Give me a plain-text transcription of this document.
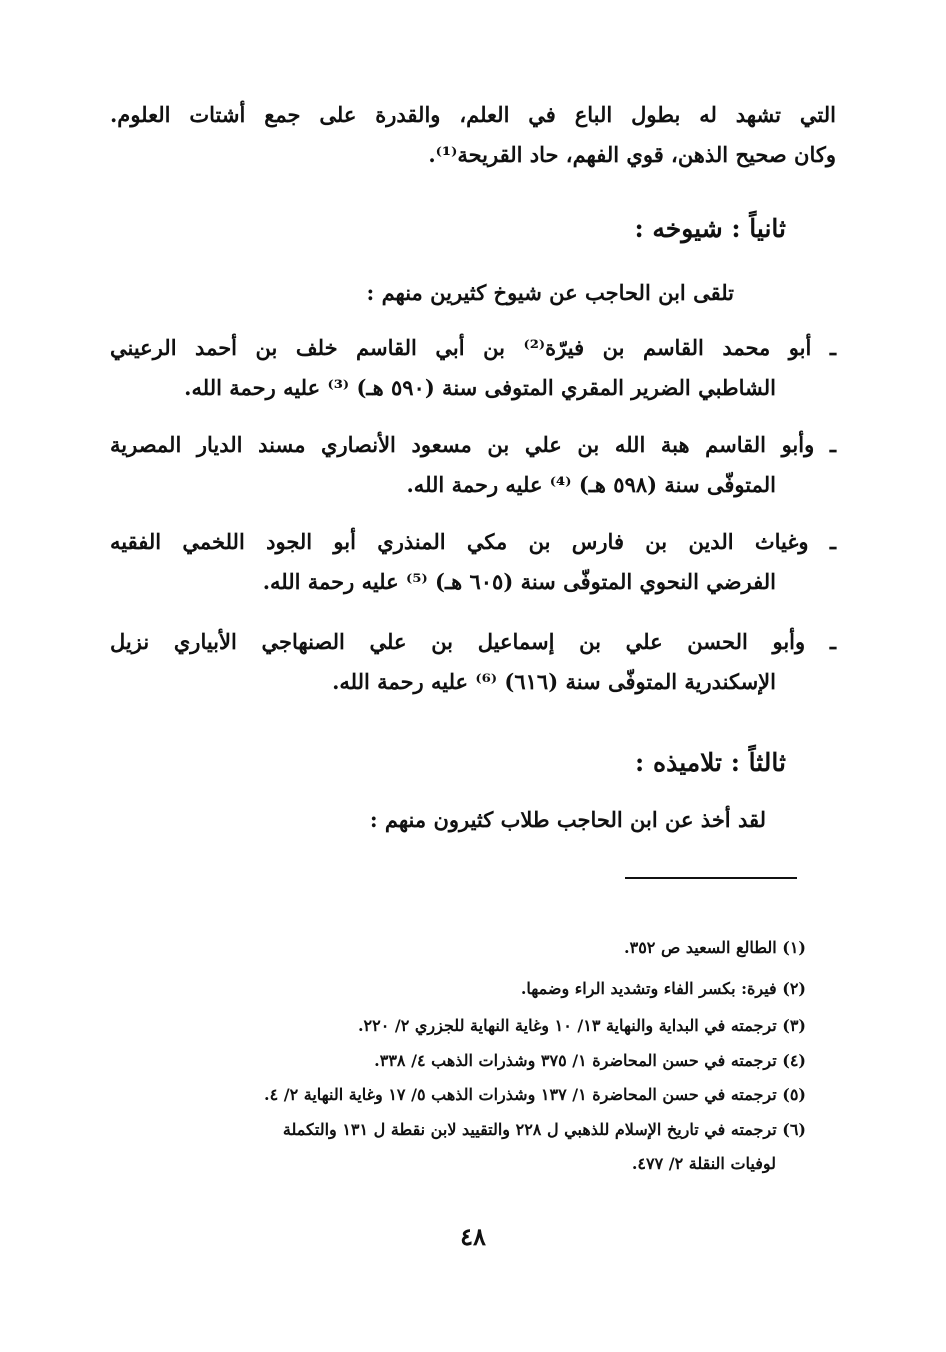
التي تشهد له بطول الباع في العلم، والقدرة على جمع أشتات العلوم.
وكان صحيح الذهن، قوي الفهم، حاد القريحة⁽¹⁾.
ثانياً : شيوخه :
تلقى ابن الحاجب عن شيوخ كثيرين منهم :
ـ أبو محمد القاسم بن فيرّة⁽²⁾ بن أبي القاسم خلف بن أحمد الرعيني
الشاطبي الضرير المقري المتوفى سنة (٥٩٠ هـ) ⁽³⁾ عليه رحمة الله.
ـ وأبو القاسم هبة الله بن علي بن مسعود الأنصاري مسند الديار المصرية
المتوفّى سنة (٥٩٨ هـ) ⁽⁴⁾ عليه رحمة الله.
ـ وغياث الدين بن فارس بن مكي المنذري أبو الجود اللخمي الفقيه
الفرضي النحوي المتوفّى سنة (٦٠٥ هـ) ⁽⁵⁾ عليه رحمة الله.
ـ وأبو الحسن علي بن إسماعيل بن علي الصنهاجي الأبياري نزيل
الإسكندرية المتوفّى سنة (٦١٦) ⁽⁶⁾ عليه رحمة الله.
ثالثاً : تلاميذه :
لقد أخذ عن ابن الحاجب طلاب كثيرون منهم :
(١) الطالع السعيد ص ٣٥٢.
(٢) فيرة: بكسر الفاء وتشديد الراء وضمها.
(٣) ترجمته في البداية والنهاية ١٣/ ١٠ وغاية النهاية للجزري ٢/ ٢٢٠.
(٤) ترجمته في حسن المحاضرة ١/ ٣٧٥ وشذرات الذهب ٤/ ٣٣٨.
(٥) ترجمته في حسن المحاضرة ١/ ١٣٧ وشذرات الذهب ٥/ ١٧ وغاية النهاية ٢/ ٤.
(٦) ترجمته في تاريخ الإسلام للذهبي ل ٢٢٨ والتقييد لابن نقطة ل ١٣١ والتكملة
لوفيات النقلة ٢/ ٤٧٧.
٤٨
